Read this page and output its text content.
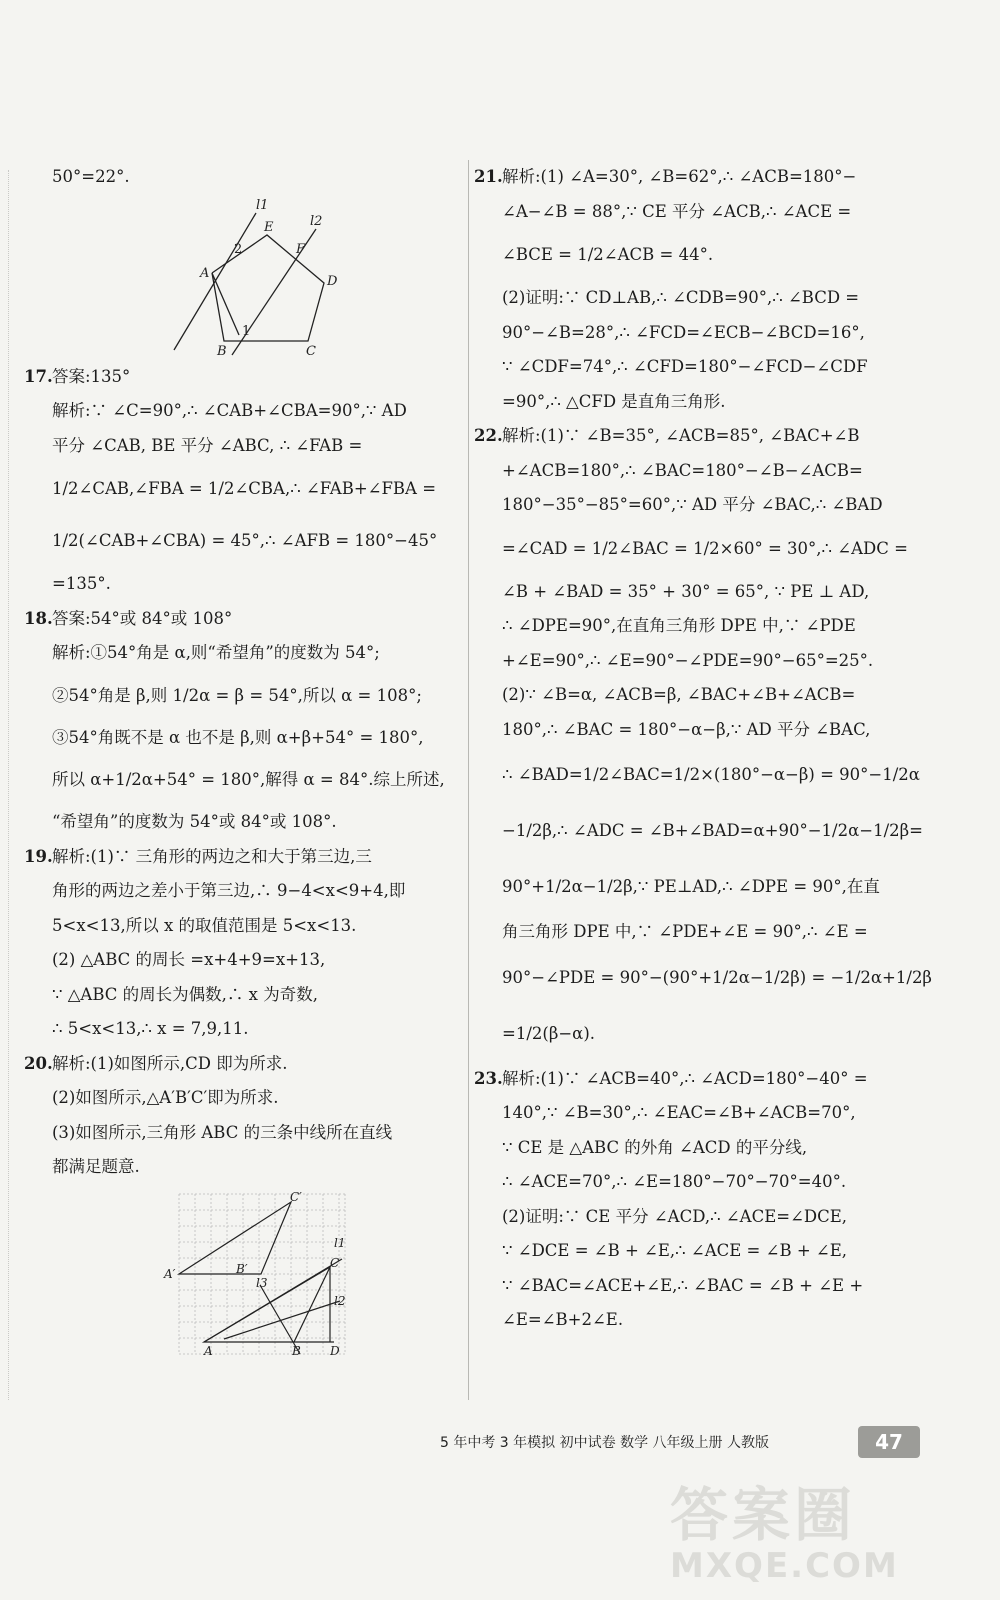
50°=22°.
A
E
F
D
C
B
l1
l2
2
1
17.答案:135°
解析:∵ ∠C=90°,∴ ∠CAB+∠CBA=90°,∵ AD
平分 ∠CAB, BE 平分 ∠ABC, ∴ ∠FAB =
1/2∠CAB,∠FBA = 1/2∠CBA,∴ ∠FAB+∠FBA =
1/2(∠CAB+∠CBA) = 45°,∴ ∠AFB = 180°−45°
=135°.
18.答案:54°或 84°或 108°
解析:①54°角是 α,则“希望角”的度数为 54°;
②54°角是 β,则 1/2α = β = 54°,所以 α = 108°;
③54°角既不是 α 也不是 β,则 α+β+54° = 180°,
所以 α+1/2α+54° = 180°,解得 α = 84°.综上所述,
“希望角”的度数为 54°或 84°或 108°.
19.解析:(1)∵ 三角形的两边之和大于第三边,三
角形的两边之差小于第三边,∴ 9−4<x<9+4,即
5<x<13,所以 x 的取值范围是 5<x<13.
(2) △ABC 的周长 =x+4+9=x+13,
∵ △ABC 的周长为偶数,∴ x 为奇数,
∴ 5<x<13,∴ x = 7,9,11.
20.解析:(1)如图所示,CD 即为所求.
(2)如图所示,△A′B′C′即为所求.
(3)如图所示,三角形 ABC 的三条中线所在直线
都满足题意.
A′	B′
C′
A	B D
C
l1
l2
l3
21.解析:(1) ∠A=30°, ∠B=62°,∴ ∠ACB=180°−
∠A−∠B = 88°,∵ CE 平分 ∠ACB,∴ ∠ACE =
∠BCE = 1/2∠ACB = 44°.
(2)证明:∵ CD⊥AB,∴ ∠CDB=90°,∴ ∠BCD =
90°−∠B=28°,∴ ∠FCD=∠ECB−∠BCD=16°,
∵ ∠CDF=74°,∴ ∠CFD=180°−∠FCD−∠CDF
=90°,∴ △CFD 是直角三角形.
22.解析:(1)∵ ∠B=35°, ∠ACB=85°, ∠BAC+∠B
+∠ACB=180°,∴ ∠BAC=180°−∠B−∠ACB=
180°−35°−85°=60°,∵ AD 平分 ∠BAC,∴ ∠BAD
=∠CAD = 1/2∠BAC = 1/2×60° = 30°,∴ ∠ADC =
∠B + ∠BAD = 35° + 30° = 65°, ∵ PE ⊥ AD,
∴ ∠DPE=90°,在直角三角形 DPE 中,∵ ∠PDE
+∠E=90°,∴ ∠E=90°−∠PDE=90°−65°=25°.
(2)∵ ∠B=α, ∠ACB=β, ∠BAC+∠B+∠ACB=
180°,∴ ∠BAC = 180°−α−β,∵ AD 平分 ∠BAC,
∴ ∠BAD=1/2∠BAC=1/2×(180°−α−β) = 90°−1/2α
−1/2β,∴ ∠ADC = ∠B+∠BAD=α+90°−1/2α−1/2β=
90°+1/2α−1/2β,∵ PE⊥AD,∴ ∠DPE = 90°,在直
角三角形 DPE 中,∵ ∠PDE+∠E = 90°,∴ ∠E =
90°−∠PDE = 90°−(90°+1/2α−1/2β) = −1/2α+1/2β
=1/2(β−α).
23.解析:(1)∵ ∠ACB=40°,∴ ∠ACD=180°−40° =
140°,∵ ∠B=30°,∴ ∠EAC=∠B+∠ACB=70°,
∵ CE 是 △ABC 的外角 ∠ACD 的平分线,
∴ ∠ACE=70°,∴ ∠E=180°−70°−70°=40°.
(2)证明:∵ CE 平分 ∠ACD,∴ ∠ACE=∠DCE,
∵ ∠DCE = ∠B + ∠E,∴ ∠ACE = ∠B + ∠E,
∵ ∠BAC=∠ACE+∠E,∴ ∠BAC = ∠B + ∠E +
∠E=∠B+2∠E.
5 年中考 3 年模拟 初中试卷 数学 八年级上册 人教版	47
答案圈
MXQE.COM
